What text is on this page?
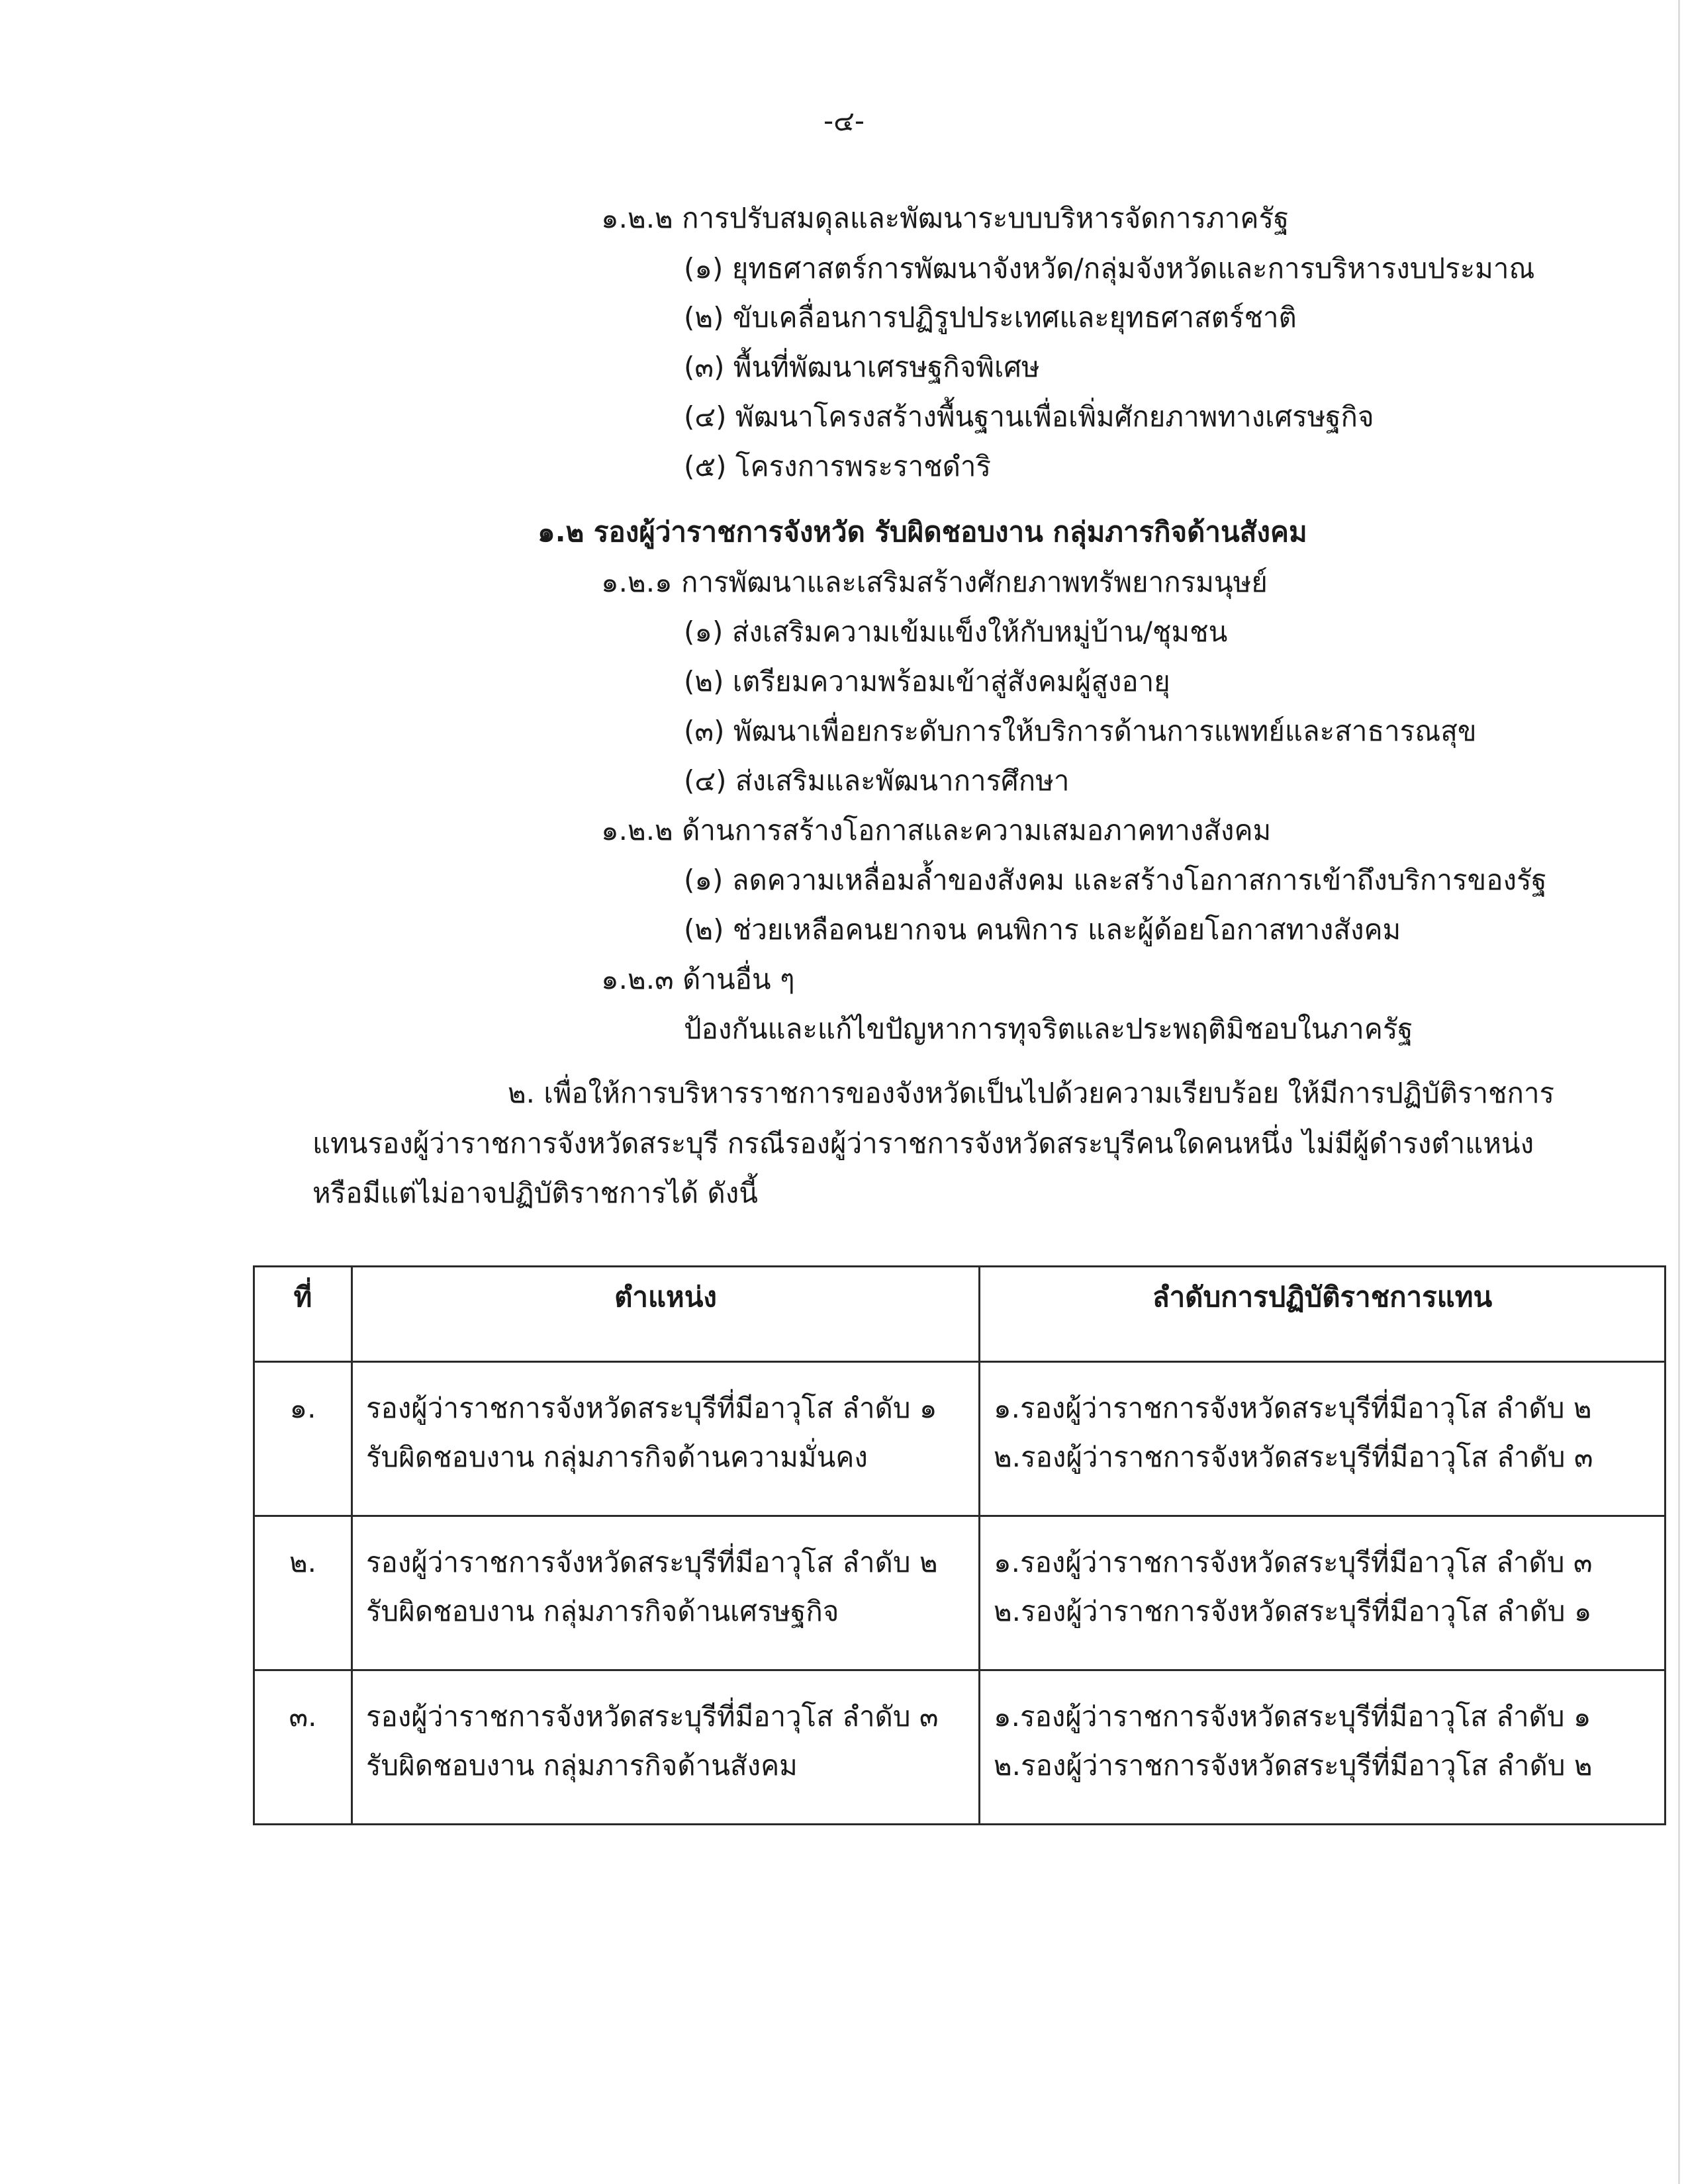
-๔-
๑.๒.๒ การปรับสมดุลและพัฒนาระบบบริหารจัดการภาครัฐ
(๑) ยุทธศาสตร์การพัฒนาจังหวัด/กลุ่มจังหวัดและการบริหารงบประมาณ
(๒) ขับเคลื่อนการปฏิรูปประเทศและยุทธศาสตร์ชาติ
(๓) พื้นที่พัฒนาเศรษฐกิจพิเศษ
(๔) พัฒนาโครงสร้างพื้นฐานเพื่อเพิ่มศักยภาพทางเศรษฐกิจ
(๕) โครงการพระราชดำริ
๑.๒ รองผู้ว่าราชการจังหวัด รับผิดชอบงาน กลุ่มภารกิจด้านสังคม
๑.๒.๑ การพัฒนาและเสริมสร้างศักยภาพทรัพยากรมนุษย์
(๑) ส่งเสริมความเข้มแข็งให้กับหมู่บ้าน/ชุมชน
(๒) เตรียมความพร้อมเข้าสู่สังคมผู้สูงอายุ
(๓) พัฒนาเพื่อยกระดับการให้บริการด้านการแพทย์และสาธารณสุข
(๔) ส่งเสริมและพัฒนาการศึกษา
๑.๒.๒ ด้านการสร้างโอกาสและความเสมอภาคทางสังคม
(๑) ลดความเหลื่อมล้ำของสังคม และสร้างโอกาสการเข้าถึงบริการของรัฐ
(๒) ช่วยเหลือคนยากจน คนพิการ และผู้ด้อยโอกาสทางสังคม
๑.๒.๓ ด้านอื่น ๆ
ป้องกันและแก้ไขปัญหาการทุจริตและประพฤติมิชอบในภาครัฐ
๒. เพื่อให้การบริหารราชการของจังหวัดเป็นไปด้วยความเรียบร้อย ให้มีการปฏิบัติราชการ
แทนรองผู้ว่าราชการจังหวัดสระบุรี กรณีรองผู้ว่าราชการจังหวัดสระบุรีคนใดคนหนึ่ง ไม่มีผู้ดำรงตำแหน่ง
หรือมีแต่ไม่อาจปฏิบัติราชการได้ ดังนี้
ที่	ตำแหน่ง	ลำดับการปฏิบัติราชการแทน
๑.	รองผู้ว่าราชการจังหวัดสระบุรีที่มีอาวุโส ลำดับ ๑
รับผิดชอบงาน กลุ่มภารกิจด้านความมั่นคง	๑.รองผู้ว่าราชการจังหวัดสระบุรีที่มีอาวุโส ลำดับ ๒
๒.รองผู้ว่าราชการจังหวัดสระบุรีที่มีอาวุโส ลำดับ ๓

๒.	รองผู้ว่าราชการจังหวัดสระบุรีที่มีอาวุโส ลำดับ ๒
รับผิดชอบงาน กลุ่มภารกิจด้านเศรษฐกิจ	๑.รองผู้ว่าราชการจังหวัดสระบุรีที่มีอาวุโส ลำดับ ๓
๒.รองผู้ว่าราชการจังหวัดสระบุรีที่มีอาวุโส ลำดับ ๑

๓.	รองผู้ว่าราชการจังหวัดสระบุรีที่มีอาวุโส ลำดับ ๓
รับผิดชอบงาน กลุ่มภารกิจด้านสังคม	๑.รองผู้ว่าราชการจังหวัดสระบุรีที่มีอาวุโส ลำดับ ๑
๒.รองผู้ว่าราชการจังหวัดสระบุรีที่มีอาวุโส ลำดับ ๒
